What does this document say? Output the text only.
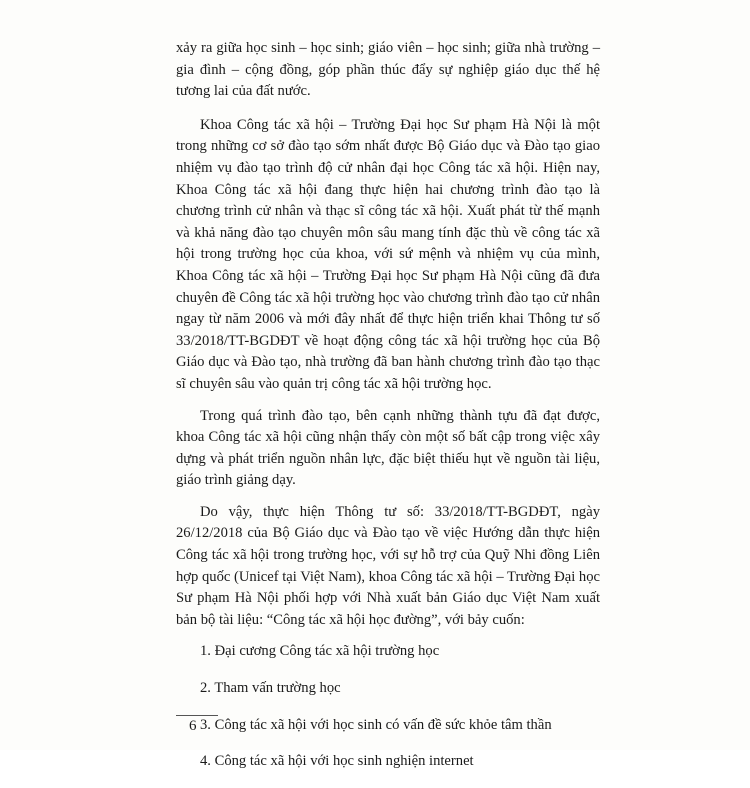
xảy ra giữa học sinh – học sinh; giáo viên – học sinh; giữa nhà trường – gia đình – cộng đồng, góp phần thúc đẩy sự nghiệp giáo dục thế hệ tương lai của đất nước.

Khoa Công tác xã hội – Trường Đại học Sư phạm Hà Nội là một trong những cơ sở đào tạo sớm nhất được Bộ Giáo dục và Đào tạo giao nhiệm vụ đào tạo trình độ cử nhân đại học Công tác xã hội. Hiện nay, Khoa Công tác xã hội đang thực hiện hai chương trình đào tạo là chương trình cử nhân và thạc sĩ công tác xã hội. Xuất phát từ thế mạnh và khả năng đào tạo chuyên môn sâu mang tính đặc thù về công tác xã hội trong trường học của khoa, với sứ mệnh và nhiệm vụ của mình, Khoa Công tác xã hội – Trường Đại học Sư phạm Hà Nội cũng đã đưa chuyên đề Công tác xã hội trường học vào chương trình đào tạo cử nhân ngay từ năm 2006 và mới đây nhất để thực hiện triển khai Thông tư số 33/2018/TT-BGDĐT về hoạt động công tác xã hội trường học của Bộ Giáo dục và Đào tạo, nhà trường đã ban hành chương trình đào tạo thạc sĩ chuyên sâu vào quản trị công tác xã hội trường học.

Trong quá trình đào tạo, bên cạnh những thành tựu đã đạt được, khoa Công tác xã hội cũng nhận thấy còn một số bất cập trong việc xây dựng và phát triển nguồn nhân lực, đặc biệt thiếu hụt về nguồn tài liệu, giáo trình giảng dạy.

Do vậy, thực hiện Thông tư số: 33/2018/TT-BGDĐT, ngày 26/12/2018 của Bộ Giáo dục và Đào tạo về việc Hướng dẫn thực hiện Công tác xã hội trong trường học, với sự hỗ trợ của Quỹ Nhi đồng Liên hợp quốc (Unicef tại Việt Nam), khoa Công tác xã hội – Trường Đại học Sư phạm Hà Nội phối hợp với Nhà xuất bản Giáo dục Việt Nam xuất bản bộ tài liệu: “Công tác xã hội học đường”, với bảy cuốn:

1. Đại cương Công tác xã hội trường học
2. Tham vấn trường học
3. Công tác xã hội với học sinh có vấn đề sức khỏe tâm thần
4. Công tác xã hội với học sinh nghiện internet
6
